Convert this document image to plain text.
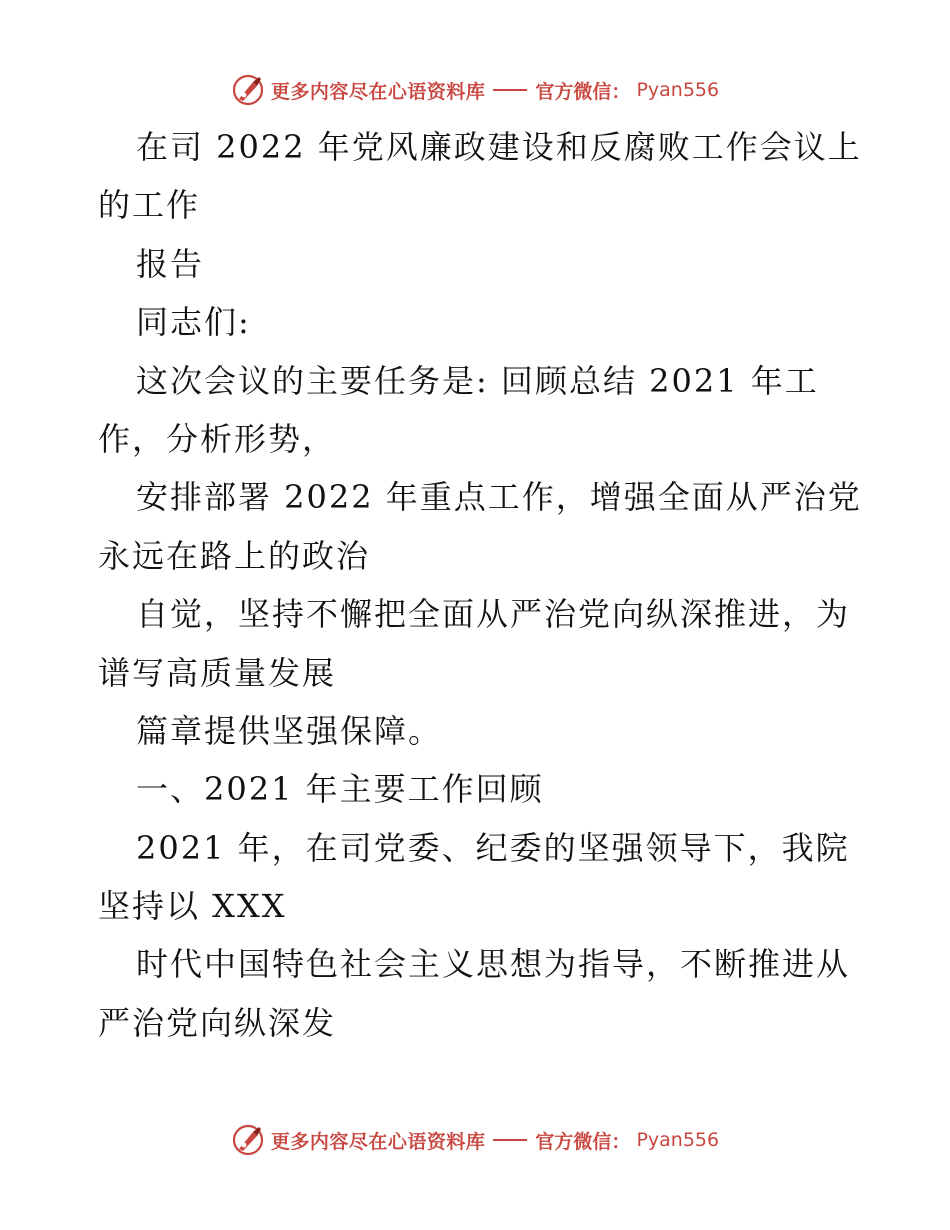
更多内容尽在心语资料库	官方微信： Pyan556
在司 2022 年党风廉政建设和反腐败工作会议上
的工作
报告
同志们:
这次会议的主要任务是: 回顾总结 2021 年工
作，分析形势，
安排部署 2022 年重点工作，增强全面从严治党
永远在路上的政治
自觉，坚持不懈把全面从严治党向纵深推进，为
谱写高质量发展
篇章提供坚强保障。
一、2021 年主要工作回顾
2021 年，在司党委、纪委的坚强领导下，我院
坚持以 XXX
时代中国特色社会主义思想为指导，不断推进从
严治党向纵深发
更多内容尽在心语资料库	官方微信： Pyan556
